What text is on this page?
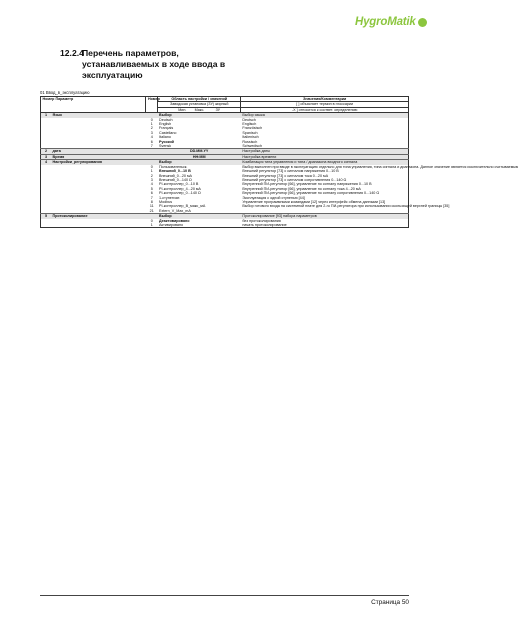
HygroMatik
12.2.4
Перечень параметров, устанавливаемых в ходе ввода в эксплуатацию
01 Ввод_в_эксплуатацию
Номер Параметр		Номер	Область настройки / значений	Значения/Комментарии
			Заводская установка (ЗУ) жирный	[ ] объясняет термин в глоссарии
			Мин. Макс. ЗУ	-X ] относится к соответ. определению
1	Язык		Выбор	Выбор языка
		0	Deutsch	Deutsch
		1	English	Englisch
		2	Français	Französisch
		3	Castellano	Spanisch
		4	Italiano	Italienisch
		6	Русский	Russisch
		7	Svensk	Schwedisch
2	дата		DD.MM.YY	Настройка даты

3	Время		HH:MM	Настройка времени

4	Настройки_регулирования		Выбор	Комбинация типа управления и типа / диапазона входного сигнала
		0	Пользовательск.	Выбор выполнен при вводе в эксплуатацию отдельно для типа управления, типа сигнала и диапазона. Данное значение является исключительно считываемым
		1	Внешний_0...10 В	Внешний регулятор [73] с сигналом напряжения 0...10 В
		2	Внешний_0...20 мА	Внешний регулятор [73] с сигналом тока 0...20 мА
		3	Внешний_0...140 Ω	Внешний регулятор [73] с сигналом сопротивления 0...140 Ω
		4	PI-контроллер_0...10 В	Внутренний ПИ-регулятор [66], управление по сигналу напряжения 0...10 В

		5	PI-контроллер_4...20 мА	Внутренний ПИ-регулятор [66], управление по сигналу тока 4...20 мА
		6	PI-контроллер_0...140 Ω	Внутренний ПИ-регулятор [66], управление по сигналу сопротивления 0...140 Ω
		7	1-ступенчат.	Эксплуатация с одной ступенью [44]
		8	Modbus	Управление программными командами [12] через интерфейс обмена данными [13]
		11	PI-контроллер_В_макс_мА	Выбор готового входа на системной плате для 2-го ПИ-регулятора при использовании скользящей верхней границы [35]
		21	Extern_V_Max_mA	
5	Протоколирование		Выбор	Протоколирование [93] набора параметров
		0	Деактивировано	без протоколирования
		1	Активировано	начать протоколирование
Страница 50
